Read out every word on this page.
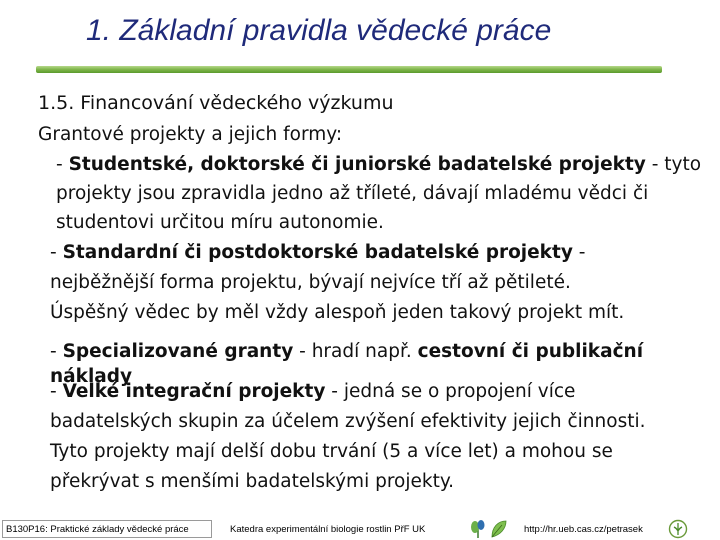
1. Základní pravidla vědecké práce
1.5. Financování vědeckého výzkumu
Grantové projekty a jejich formy:
- Studentské, doktorské či juniorské badatelské projekty - tyto
projekty jsou zpravidla jedno až tříleté, dávají mladému vědci či
studentovi určitou míru autonomie.
- Standardní či postdoktorské badatelské projekty -
nejběžnější forma projektu, bývají nejvíce tří až pětileté.
Úspěšný vědec by měl vždy alespoň jeden takový projekt mít.
- Specializované granty - hradí např. cestovní či publikační
náklady
- Velké integrační projekty - jedná se o propojení více
badatelských skupin za účelem zvýšení efektivity jejich činnosti.
Tyto projekty mají delší dobu trvání (5 a více let) a mohou se
překrývat s menšími badatelskými projekty.
B130P16: Praktické základy vědecké práce	Katedra experimentální biologie rostlin PřF UK	http://hr.ueb.cas.cz/petrasek
